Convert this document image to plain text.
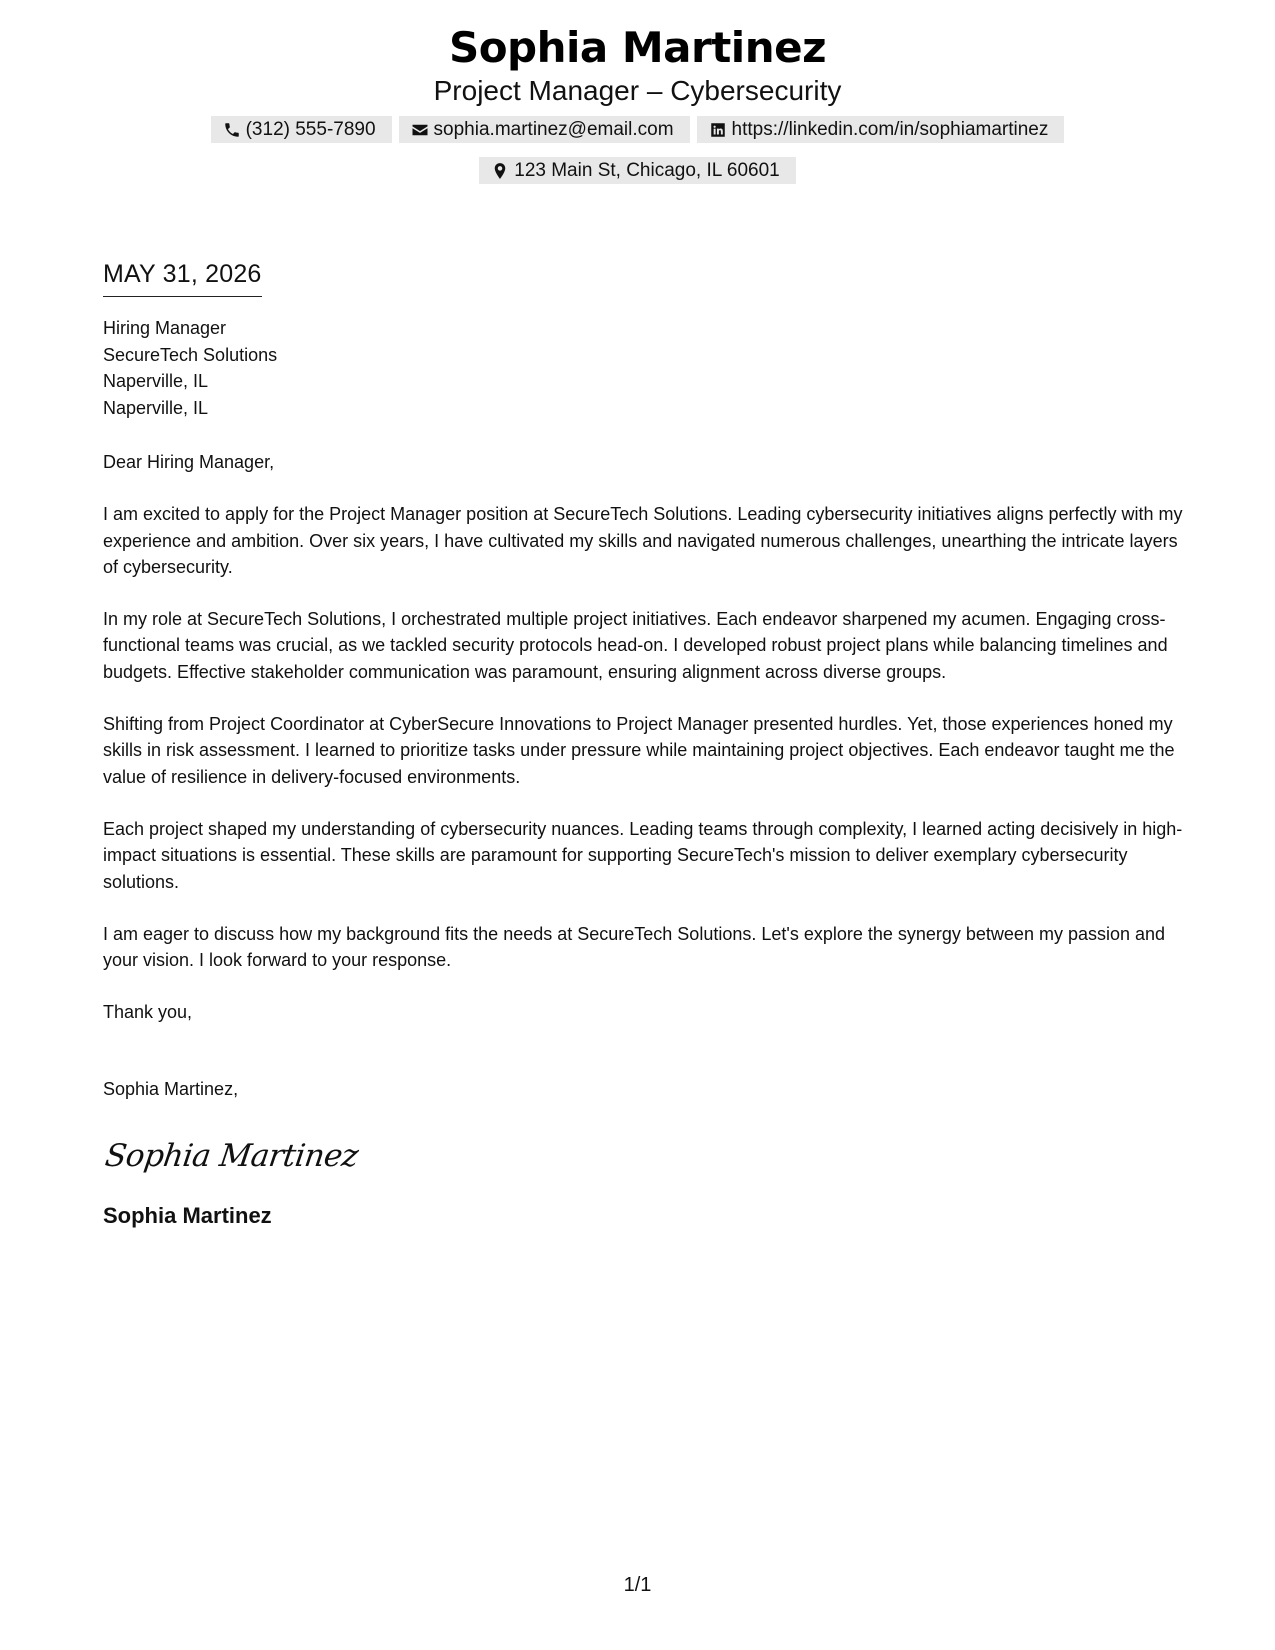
Sophia Martinez
Project Manager – Cybersecurity
(312) 555-7890	sophia.martinez@email.com	https://linkedin.com/in/sophiamartinez
123 Main St, Chicago, IL 60601
MAY 31, 2026
Hiring Manager
SecureTech Solutions
Naperville, IL
Naperville, IL
Dear Hiring Manager,
I am excited to apply for the Project Manager position at SecureTech Solutions. Leading cybersecurity initiatives aligns perfectly with my experience and ambition. Over six years, I have cultivated my skills and navigated numerous challenges, unearthing the intricate layers of cybersecurity.
In my role at SecureTech Solutions, I orchestrated multiple project initiatives. Each endeavor sharpened my acumen. Engaging cross-functional teams was crucial, as we tackled security protocols head-on. I developed robust project plans while balancing timelines and budgets. Effective stakeholder communication was paramount, ensuring alignment across diverse groups.
Shifting from Project Coordinator at CyberSecure Innovations to Project Manager presented hurdles. Yet, those experiences honed my skills in risk assessment. I learned to prioritize tasks under pressure while maintaining project objectives. Each endeavor taught me the value of resilience in delivery-focused environments.
Each project shaped my understanding of cybersecurity nuances. Leading teams through complexity, I learned acting decisively in high-impact situations is essential. These skills are paramount for supporting SecureTech's mission to deliver exemplary cybersecurity solutions.
I am eager to discuss how my background fits the needs at SecureTech Solutions. Let's explore the synergy between my passion and your vision. I look forward to your response.
Thank you,
Sophia Martinez,
Sophia Martinez
Sophia Martinez
1/1
